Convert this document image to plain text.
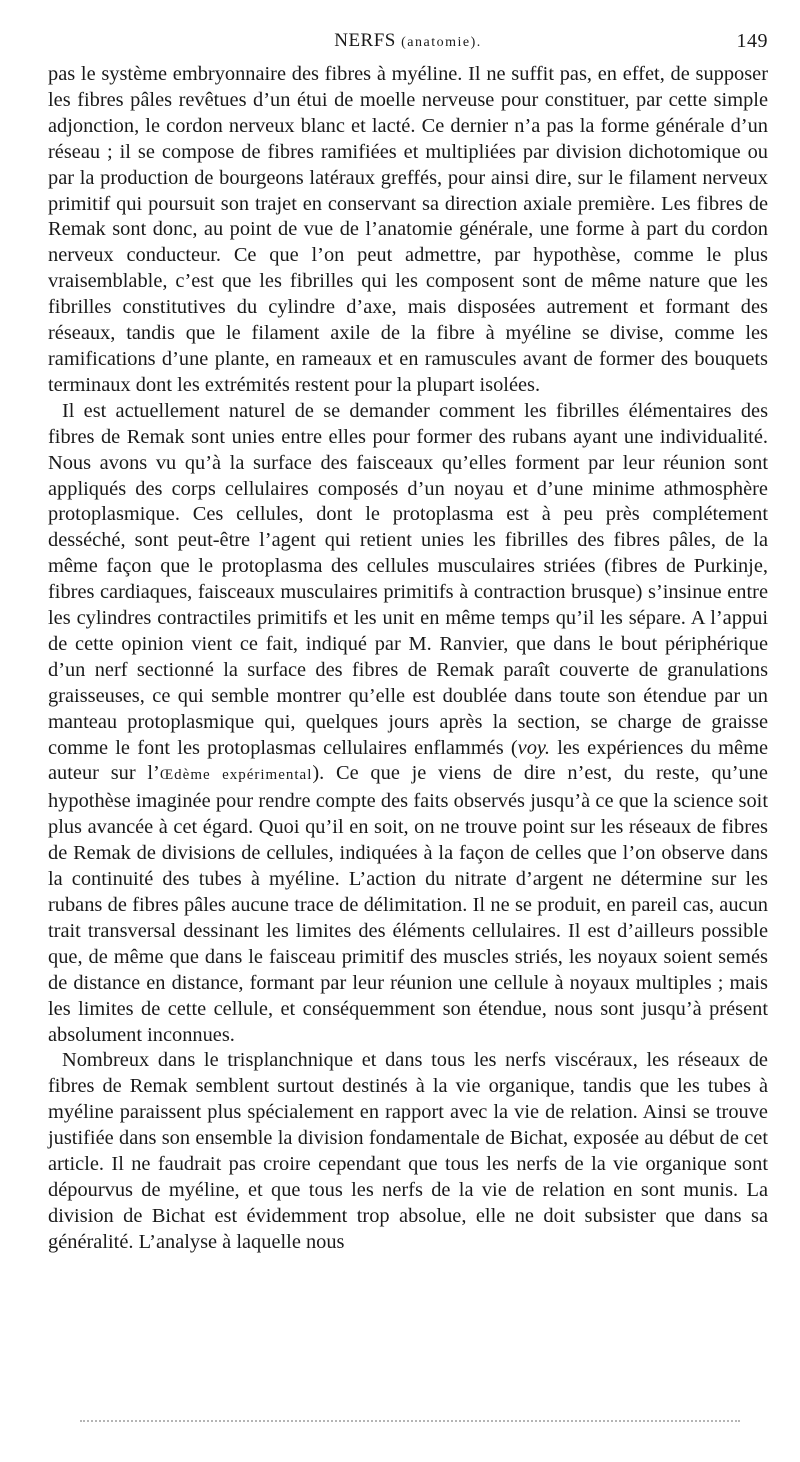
NERFS (anatomie).	149

pas le système embryonnaire des fibres à myéline. Il ne suffit pas, en effet, de supposer les fibres pâles revêtues d’un étui de moelle nerveuse pour constituer, par cette simple adjonction, le cordon nerveux blanc et lacté. Ce dernier n’a pas la forme générale d’un réseau ; il se compose de fibres ramifiées et multipliées par division dichotomique ou par la production de bourgeons latéraux greffés, pour ainsi dire, sur le filament nerveux primitif qui poursuit son trajet en conservant sa direction axiale première. Les fibres de Remak sont donc, au point de vue de l’anatomie générale, une forme à part du cordon nerveux conducteur. Ce que l’on peut admettre, par hypothèse, comme le plus vraisemblable, c’est que les fibrilles qui les composent sont de même nature que les fibrilles constitutives du cylindre d’axe, mais disposées autrement et formant des réseaux, tandis que le filament axile de la fibre à myéline se divise, comme les ramifications d’une plante, en rameaux et en ramuscules avant de former des bouquets terminaux dont les extrémités restent pour la plupart isolées.

Il est actuellement naturel de se demander comment les fibrilles élémentaires des fibres de Remak sont unies entre elles pour former des rubans ayant une individualité. Nous avons vu qu’à la surface des faisceaux qu’elles forment par leur réunion sont appliqués des corps cellulaires composés d’un noyau et d’une minime athmosphère protoplasmique. Ces cellules, dont le protoplasma est à peu près complétement desséché, sont peut-être l’agent qui retient unies les fibrilles des fibres pâles, de la même façon que le protoplasma des cellules musculaires striées (fibres de Purkinje, fibres cardiaques, faisceaux musculaires primitifs à contraction brusque) s’insinue entre les cylindres contractiles primitifs et les unit en même temps qu’il les sépare. A l’appui de cette opinion vient ce fait, indiqué par M. Ranvier, que dans le bout périphérique d’un nerf sectionné la surface des fibres de Remak paraît couverte de granulations graisseuses, ce qui semble montrer qu’elle est doublée dans toute son étendue par un manteau protoplasmique qui, quelques jours après la section, se charge de graisse comme le font les protoplasmas cellulaires enflammés (voy. les expériences du même auteur sur l’Œdème expérimental). Ce que je viens de dire n’est, du reste, qu’une hypothèse imaginée pour rendre compte des faits observés jusqu’à ce que la science soit plus avancée à cet égard. Quoi qu’il en soit, on ne trouve point sur les réseaux de fibres de Remak de divisions de cellules, indiquées à la façon de celles que l’on observe dans la continuité des tubes à myéline. L’action du nitrate d’argent ne détermine sur les rubans de fibres pâles aucune trace de délimitation. Il ne se produit, en pareil cas, aucun trait transversal dessinant les limites des éléments cellulaires. Il est d’ailleurs possible que, de même que dans le faisceau primitif des muscles striés, les noyaux soient semés de distance en distance, formant par leur réunion une cellule à noyaux multiples ; mais les limites de cette cellule, et conséquemment son étendue, nous sont jusqu’à présent absolument inconnues.

Nombreux dans le trisplanchnique et dans tous les nerfs viscéraux, les réseaux de fibres de Remak semblent surtout destinés à la vie organique, tandis que les tubes à myéline paraissent plus spécialement en rapport avec la vie de relation. Ainsi se trouve justifiée dans son ensemble la division fondamentale de Bichat, exposée au début de cet article. Il ne faudrait pas croire cependant que tous les nerfs de la vie organique sont dépourvus de myéline, et que tous les nerfs de la vie de relation en sont munis. La division de Bichat est évidemment trop absolue, elle ne doit subsister que dans sa généralité. L’analyse à laquelle nous
